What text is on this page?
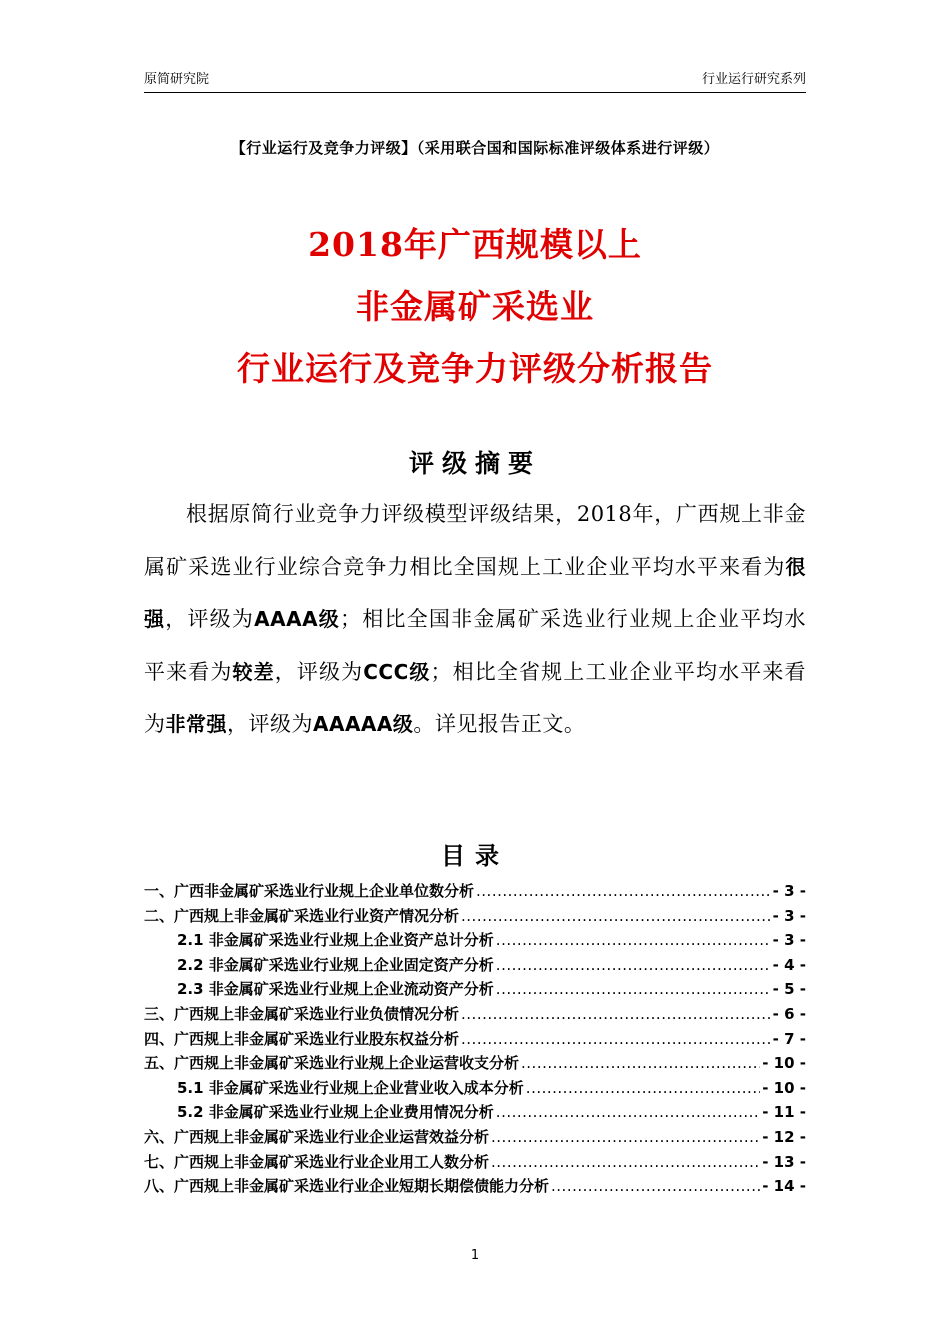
原简研究院	行业运行研究系列
【行业运行及竞争力评级】（采用联合国和国际标准评级体系进行评级）
2018年广西规模以上
非金属矿采选业
行业运行及竞争力评级分析报告
评级摘要
根据原简行业竞争力评级模型评级结果，2018年，广西规上非金属矿采选业行业综合竞争力相比全国规上工业企业平均水平来看为很强，评级为AAAA级；相比全国非金属矿采选业行业规上企业平均水平来看为较差，评级为CCC级；相比全省规上工业企业平均水平来看为非常强，评级为AAAAA级。详见报告正文。
目录
一、广西非金属矿采选业行业规上企业单位数分析 .....	- 3 -
二、广西规上非金属矿采选业行业资产情况分析 .....	- 3 -
2.1 非金属矿采选业行业规上企业资产总计分析 .....	- 3 -
2.2 非金属矿采选业行业规上企业固定资产分析 .....	- 4 -
2.3 非金属矿采选业行业规上企业流动资产分析 .....	- 5 -
三、广西规上非金属矿采选业行业负债情况分析 .....	- 6 -
四、广西规上非金属矿采选业行业股东权益分析 .....	- 7 -
五、广西规上非金属矿采选业行业规上企业运营收支分析 .....	- 10 -
5.1 非金属矿采选业行业规上企业营业收入成本分析 .....	- 10 -
5.2 非金属矿采选业行业规上企业费用情况分析 .....	- 11 -
六、广西规上非金属矿采选业行业企业运营效益分析 .....	- 12 -
七、广西规上非金属矿采选业行业企业用工人数分析 .....	- 13 -
八、广西规上非金属矿采选业行业企业短期长期偿债能力分析 .....	- 14 -
1
